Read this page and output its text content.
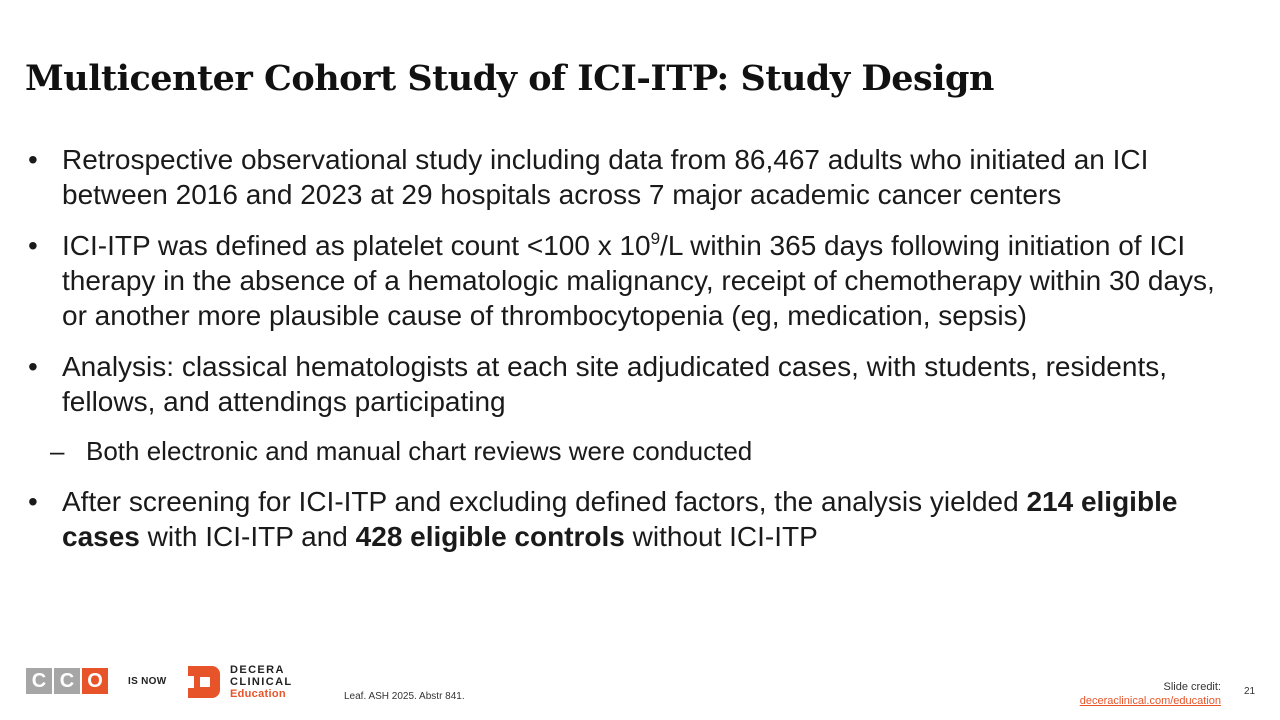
Multicenter Cohort Study of ICI-ITP: Study Design
• Retrospective observational study including data from 86,467 adults who initiated an ICI between 2016 and 2023 at 29 hospitals across 7 major academic cancer centers
• ICI-ITP was defined as platelet count <100 x $10^9/L$ within 365 days following initiation of ICI therapy in the absence of a hematologic malignancy, receipt of chemotherapy within 30 days, or another more plausible cause of thrombocytopenia (eg, medication, sepsis)
• Analysis: classical hematologists at each site adjudicated cases, with students, residents, fellows, and attendings participating
– Both electronic and manual chart reviews were conducted
• After screening for ICI-ITP and excluding defined factors, the analysis yielded 214 eligible cases with ICI-ITP and 428 eligible controls without ICI-ITP
C C O	IS NOW
DECERA
CLINICAL
Education	Leaf. ASH 2025. Abstr 841.
Slide credit:
deceraclinical.com/education
21
